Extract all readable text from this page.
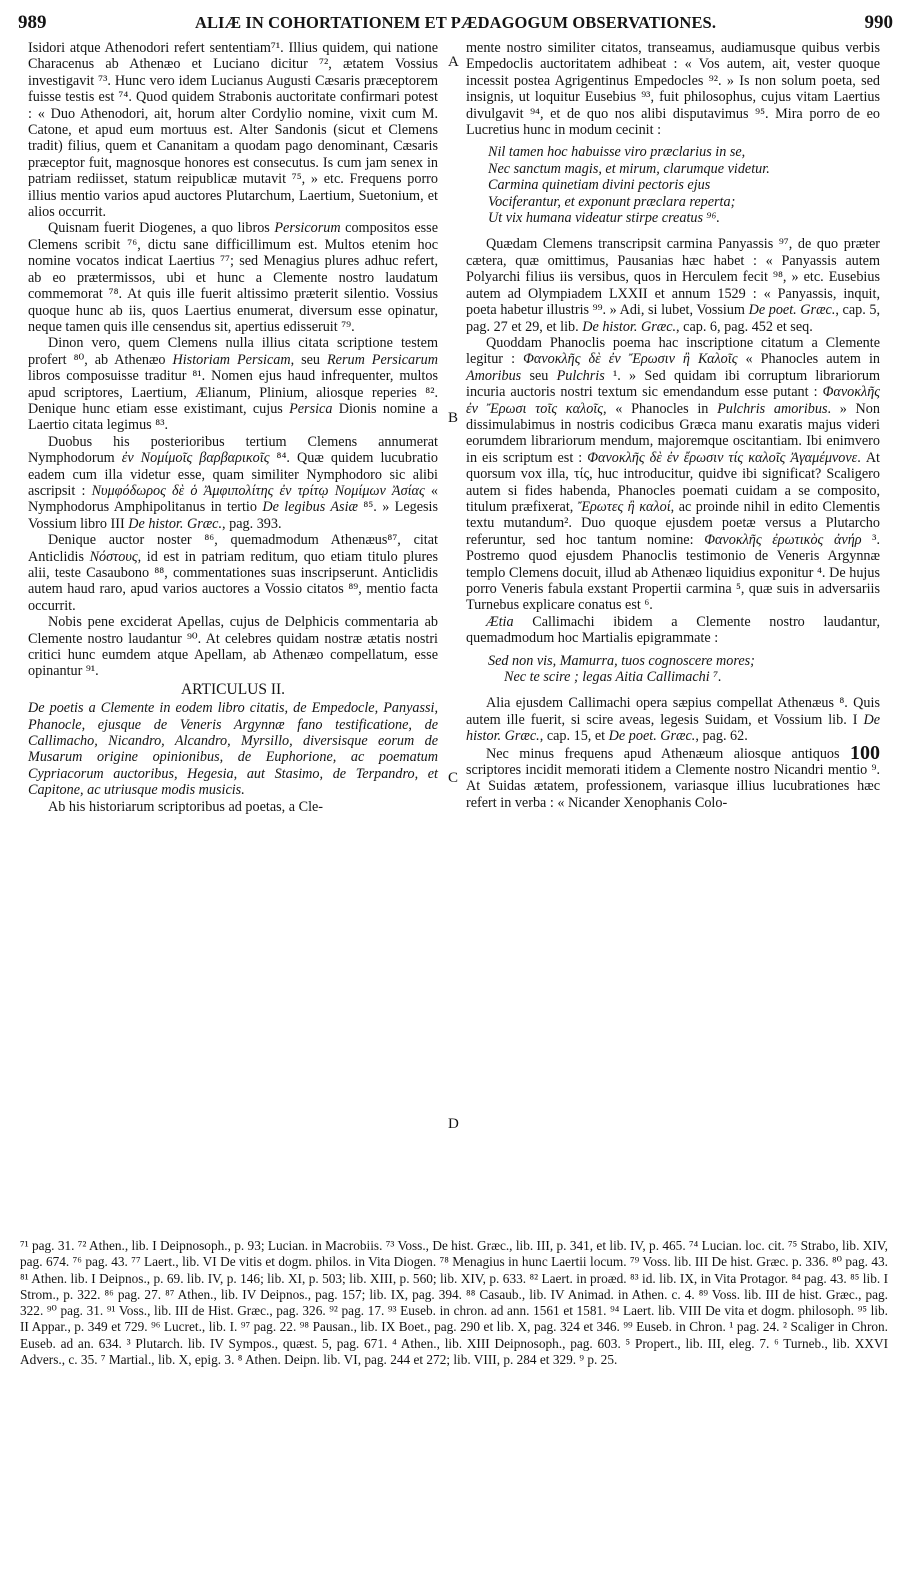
989	ALIÆ IN COHORTATIONEM ET PÆDAGOGUM OBSERVATIONES.	990
A
B
C
D

Isidori atque Athenodori refert sententiam⁷¹. Illius quidem, qui natione Characenus ab Athenæo et Luciano dicitur ⁷², ætatem Vossius investigavit ⁷³. Hunc vero idem Lucianus Augusti Cæsaris præceptorem fuisse testis est ⁷⁴. Quod quidem Strabonis auctoritate confirmari potest : « Duo Athenodori, ait, horum alter Cordylio nomine, vixit cum M. Catone, et apud eum mortuus est. Alter Sandonis (sicut et Clemens tradit) filius, quem et Cananitam a quodam pago denominant, Cæsaris præceptor fuit, magnosque honores est consecutus. Is cum jam senex in patriam rediisset, statum reipublicæ mutavit ⁷⁵, » etc. Frequens porro illius mentio varios apud auctores Plutarchum, Laertium, Suetonium, et alios occurrit.

Quisnam fuerit Diogenes, a quo libros Persicorum compositos esse Clemens scribit ⁷⁶, dictu sane difficillimum est. Multos etenim hoc nomine vocatos indicat Laertius ⁷⁷; sed Menagius plures adhuc refert, ab eo prætermissos, ubi et hunc a Clemente nostro laudatum commemorat ⁷⁸. At quis ille fuerit altissimo præterit silentio. Vossius quoque hunc ab iis, quos Laertius enumerat, diversum esse opinatur, neque tamen quis ille censendus sit, apertius edisseruit ⁷⁹.

Dinon vero, quem Clemens nulla illius citata scriptione testem profert ⁸⁰, ab Athenæo Historiam Persicam, seu Rerum Persicarum libros composuisse traditur ⁸¹. Nomen ejus haud infrequenter, multos apud scriptores, Laertium, Ælianum, Plinium, aliosque reperies ⁸². Denique hunc etiam esse existimant, cujus Persica Dionis nomine a Laertio citata legimus ⁸³.

Duobus his posterioribus tertium Clemens annumerat Nymphodorum ἐν Νομίμοῖς βαρβαρικοῖς ⁸⁴. Quæ quidem lucubratio eadem cum illa videtur esse, quam similiter Nymphodoro sic alibi ascripsit : Νυμφόδωρος δὲ ὁ Ἀμφιπολίτης ἐν τρίτῳ Νομίμων Ἀσίας « Nymphodorus Amphipolitanus in tertio De legibus Asiæ ⁸⁵. » Legesis Vossium libro III De histor. Græc., pag. 393.

Denique auctor noster ⁸⁶, quemadmodum Athenæus⁸⁷, citat Anticlidis Νόστους, id est in patriam reditum, quo etiam titulo plures alii, teste Casaubono ⁸⁸, commentationes suas inscripserunt. Anticlidis autem haud raro, apud varios auctores a Vossio citatos ⁸⁹, mentio facta occurrit.

Nobis pene exciderat Apellas, cujus de Delphicis commentaria ab Clemente nostro laudantur ⁹⁰. At celebres quidam nostræ ætatis nostri critici hunc eumdem atque Apellam, ab Athenæo compellatum, esse opinantur ⁹¹.

ARTICULUS II.

De poetis a Clemente in eodem libro citatis, de Empedocle, Panyassi, Phanocle, ejusque de Veneris Argynnæ fano testificatione, de Callimacho, Nicandro, Alcandro, Myrsillo, diversisque eorum de Musarum origine opinionibus, de Euphorione, ac poematum Cypriacorum auctoribus, Hegesia, aut Stasimo, de Terpandro, et Capitone, ac utriusque modis musicis.

Ab his historiarum scriptoribus ad poetas, a Cle-

mente nostro similiter citatos, transeamus, audiamusque quibus verbis Empedoclis auctoritatem adhibeat : « Vos autem, ait, vester quoque incessit postea Agrigentinus Empedocles ⁹². » Is non solum poeta, sed insignis, ut loquitur Eusebius ⁹³, fuit philosophus, cujus vitam Laertius divulgavit ⁹⁴, et de quo nos alibi disputavimus ⁹⁵. Mira porro de eo Lucretius hunc in modum cecinit :

Nil tamen hoc habuisse viro præclarius in se,
Nec sanctum magis, et mirum, clarumque videtur.
Carmina quinetiam divini pectoris ejus
Vociferantur, et exponunt præclara reperta;
Ut vix humana videatur stirpe creatus ⁹⁶.

Quædam Clemens transcripsit carmina Panyassis ⁹⁷, de quo præter cætera, quæ omittimus, Pausanias hæc habet : « Panyassis autem Polyarchi filius iis versibus, quos in Herculem fecit ⁹⁸, » etc. Eusebius autem ad Olympiadem LXXII et annum 1529 : « Panyassis, inquit, poeta habetur illustris ⁹⁹. » Adi, si lubet, Vossium De poet. Græc., cap. 5, pag. 27 et 29, et lib. De histor. Græc., cap. 6, pag. 452 et seq.

Quoddam Phanoclis poema hac inscriptione citatum a Clemente legitur : Φανοκλῆς δὲ ἐν Ἔρωσιν ἢ Καλοῖς « Phanocles autem in Amoribus seu Pulchris ¹. » Sed quidam ibi corruptum librariorum incuria auctoris nostri textum sic emendandum esse putant : Φανοκλῆς ἐν Ἔρωσι τοῖς καλοῖς, « Phanocles in Pulchris amoribus. » Non dissimulabimus in nostris codicibus Græca manu exaratis majus videri eorumdem librariorum mendum, majoremque oscitantiam. Ibi enimvero in eis scriptum est : Φανοκλῆς δὲ ἐν ἔρωσιν τίς καλοῖς Ἀγαμέμνονε. At quorsum vox illa, τίς, huc introducitur, quidve ibi significat? Scaligero autem si fides habenda, Phanocles poemati cuidam a se composito, titulum præfixerat, Ἔρωτες ἢ καλοί, ac proinde nihil in edito Clementis textu mutandum². Duo quoque ejusdem poetæ versus a Plutarcho referuntur, sed hoc tantum nomine: Φανοκλῆς ἐρωτικὸς ἀνήρ ³. Postremo quod ejusdem Phanoclis testimonio de Veneris Argynnæ templo Clemens docuit, illud ab Athenæo liquidius exponitur ⁴. De hujus porro Veneris fabula exstant Propertii carmina ⁵, quæ suis in adversariis Turnebus explicare conatus est ⁶.

Ætia Callimachi ibidem a Clemente nostro laudantur, quemadmodum hoc Martialis epigrammate :

Sed non vis, Mamurra, tuos cognoscere mores;
Nec te scire ; legas Aitia Callimachi ⁷.

Alia ejusdem Callimachi opera sæpius compellat Athenæus ⁸. Quis autem ille fuerit, si scire aveas, legesis Suidam, et Vossium lib. I De histor. Græc., cap. 15, et De poet. Græc., pag. 62.

Nec minus frequens apud Athenæum aliosque antiquos 100 scriptores incidit memorati itidem a Clemente nostro Nicandri mentio ⁹. At Suidas ætatem, professionem, variasque illius lucubrationes hæc refert in verba : « Nicander Xenophanis Colo-

⁷¹ pag. 31. ⁷² Athen., lib. I Deipnosoph., p. 93; Lucian. in Macrobiis. ⁷³ Voss., De hist. Græc., lib. III, p. 341, et lib. IV, p. 465. ⁷⁴ Lucian. loc. cit. ⁷⁵ Strabo, lib. XIV, pag. 674. ⁷⁶ pag. 43. ⁷⁷ Laert., lib. VI De vitis et dogm. philos. in Vita Diogen. ⁷⁸ Menagius in hunc Laertii locum. ⁷⁹ Voss. lib. III De hist. Græc. p. 336. ⁸⁰ pag. 43. ⁸¹ Athen. lib. I Deipnos., p. 69. lib. IV, p. 146; lib. XI, p. 503; lib. XIII, p. 560; lib. XIV, p. 633. ⁸² Laert. in proæd. ⁸³ id. lib. IX, in Vita Protagor. ⁸⁴ pag. 43. ⁸⁵ lib. I Strom., p. 322. ⁸⁶ pag. 27. ⁸⁷ Athen., lib. IV Deipnos., pag. 157; lib. IX, pag. 394. ⁸⁸ Casaub., lib. IV Animad. in Athen. c. 4. ⁸⁹ Voss. lib. III de hist. Græc., pag. 322. ⁹⁰ pag. 31. ⁹¹ Voss., lib. III de Hist. Græc., pag. 326. ⁹² pag. 17. ⁹³ Euseb. in chron. ad ann. 1561 et 1581. ⁹⁴ Laert. lib. VIII De vita et dogm. philosoph. ⁹⁵ lib. II Appar., p. 349 et 729. ⁹⁶ Lucret., lib. I. ⁹⁷ pag. 22. ⁹⁸ Pausan., lib. IX Boet., pag. 290 et lib. X, pag. 324 et 346. ⁹⁹ Euseb. in Chron. ¹ pag. 24. ² Scaliger in Chron. Euseb. ad an. 634. ³ Plutarch. lib. IV Sympos., quæst. 5, pag. 671. ⁴ Athen., lib. XIII Deipnosoph., pag. 603. ⁵ Propert., lib. III, eleg. 7. ⁶ Turneb., lib. XXVI Advers., c. 35. ⁷ Martial., lib. X, epig. 3. ⁸ Athen. Deipn. lib. VI, pag. 244 et 272; lib. VIII, p. 284 et 329. ⁹ p. 25.
